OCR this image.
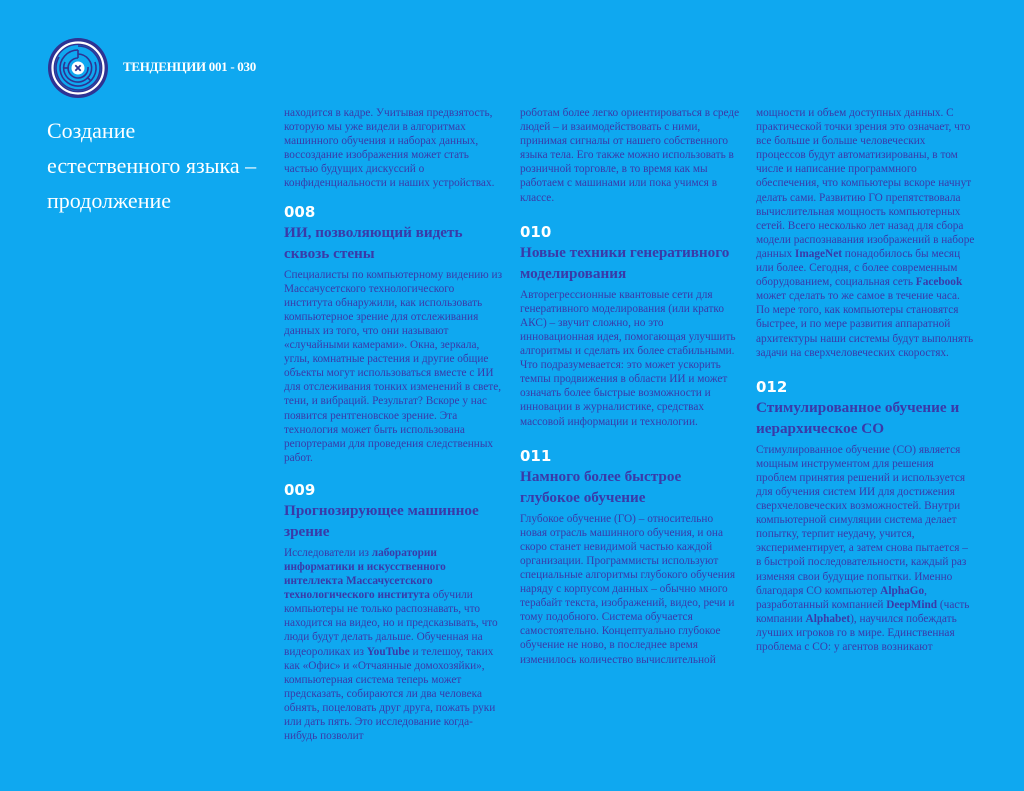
ТЕНДЕНЦИИ 001 - 030
Создание естественного языка – продолжение

находится в кадре. Учитывая предвзятость, которую мы уже видели в алгоритмах машинного обучения и наборах данных, воссоздание изображения может стать частью будущих дискуссий о конфиденциальности и наших устройствах.

008

ИИ, позволяющий видеть сквозь стены

Специалисты по компьютерному видению из Массачусетского технологического института обнаружили, как использовать компьютерное зрение для отслеживания данных из того, что они называют «случайными камерами». Окна, зеркала, углы, комнатные растения и другие общие объекты могут использоваться вместе с ИИ для отслеживания тонких изменений в свете, тени, и вибраций. Результат? Вскоре у нас появится рентгеновское зрение. Эта технология может быть использована репортерами для проведения следственных работ.

009

Прогнозирующее машинное зрение

Исследователи из лаборатории информатики и искусственного интеллекта Массачусетского технологического института обучили компьютеры не только распознавать, что находится на видео, но и предсказывать, что люди будут делать дальше. Обученная на видеороликах из YouTube и телешоу, таких как «Офис» и «Отчаянные домохозяйки», компьютерная система теперь может предсказать, собираются ли два человека обнять, поцеловать друг друга, пожать руки или дать пять. Это исследование когда-нибудь позволит

роботам более легко ориентироваться в среде людей – и взаимодействовать с ними, принимая сигналы от нашего собственного языка тела. Его также можно использовать в розничной торговле, в то время как мы работаем с машинами или пока учимся в классе.

010

Новые техники генеративного моделирования

Авторегрессионные квантовые сети для генеративного моделирования (или кратко АКС) – звучит сложно, но это инновационная идея, помогающая улучшить алгоритмы и сделать их более стабильными. Что подразумевается: это может ускорить темпы продвижения в области ИИ и может означать более быстрые возможности и инновации в журналистике, средствах массовой информации и технологии.

011

Намного более быстрое глубокое обучение

Глубокое обучение (ГО) – относительно новая отрасль машинного обучения, и она скоро станет невидимой частью каждой организации. Программисты используют специальные алгоритмы глубокого обучения наряду с корпусом данных – обычно много терабайт текста, изображений, видео, речи и тому подобного. Система обучается самостоятельно. Концептуально глубокое обучение не ново, в последнее время изменилось количество вычислительной

мощности и объем доступных данных. С практической точки зрения это означает, что все больше и больше человеческих процессов будут автоматизированы, в том числе и написание программного обеспечения, что компьютеры вскоре начнут делать сами. Развитию ГО препятствовала вычислительная мощность компьютерных сетей. Всего несколько лет назад для сбора модели распознавания изображений в наборе данных ImageNet понадобилось бы месяц или более. Сегодня, с более современным оборудованием, социальная сеть Facebook может сделать то же самое в течение часа. По мере того, как компьютеры становятся быстрее, и по мере развития аппаратной архитектуры наши системы будут выполнять задачи на сверхчеловеческих скоростях.

012

Стимулированное обучение и иерархическое СО

Стимулированное обучение (СО) является мощным инструментом для решения проблем принятия решений и используется для обучения систем ИИ для достижения сверхчеловеческих возможностей. Внутри компьютерной симуляции система делает попытку, терпит неудачу, учится, экспериментирует, а затем снова пытается – в быстрой последовательности, каждый раз изменяя свои будущие попытки. Именно благодаря СО компьютер AlphaGo, разработанный компанией DeepMind (часть компании Alphabet), научился побеждать лучших игроков го в мире. Единственная проблема с СО: у агентов возникают
